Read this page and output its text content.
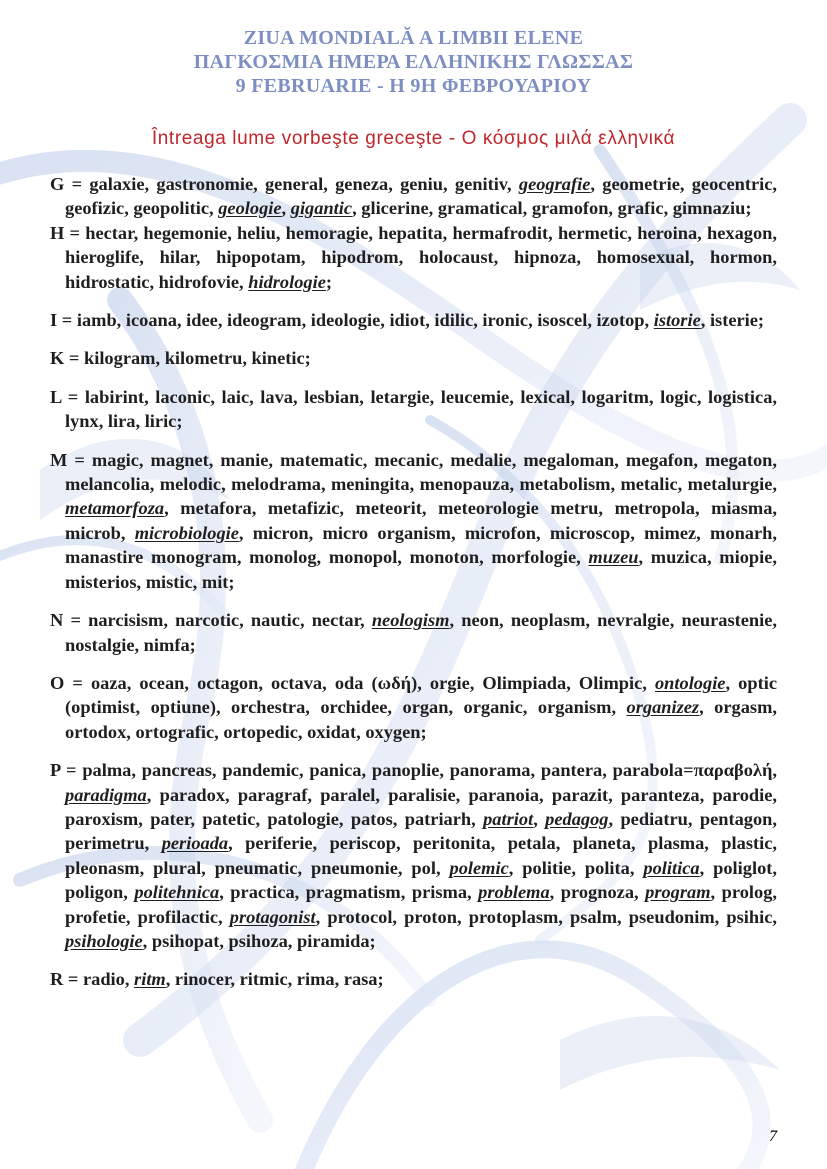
ZIUA MONDIALĂ A LIMBII ELENE
ΠΑΓΚΟΣΜΙΑ ΗΜΕΡΑ ΕΛΛΗΝΙΚΗΣ ΓΛΩΣΣΑΣ
9 FEBRUARIE - Η 9Η ΦΕΒΡΟΥΑΡΙΟΥ
Întreaga lume vorbeşte greceşte - Ο κόσμος μιλά ελληνικά

G = galaxie, gastronomie, general, geneza, geniu, genitiv, geografie, geometrie, geocentric, geofizic, geopolitic, geologie, gigantic, glicerine, gramatical, gramofon, grafic, gimnaziu;

H = hectar, hegemonie, heliu, hemoragie, hepatita, hermafrodit, hermetic, heroina, hexagon, hieroglife, hilar, hipopotam, hipodrom, holocaust, hipnoza, homosexual, hormon, hidrostatic, hidrofovie, hidrologie;

I = iamb, icoana, idee, ideogram, ideologie, idiot, idilic, ironic, isoscel, izotop, istorie, isterie;

K = kilogram, kilometru, kinetic;

L = labirint, laconic, laic, lava, lesbian, letargie, leucemie, lexical, logaritm, logic, logistica, lynx, lira, liric;

M = magic, magnet, manie, matematic, mecanic, medalie, megaloman, megafon, megaton, melancolia, melodic, melodrama, meningita, menopauza, metabolism, metalic, metalurgie, metamorfoza, metafora, metafizic, meteorit, meteorologie metru, metropola, miasma, microb, microbiologie, micron, micro organism, microfon, microscop, mimez, monarh, manastire monogram, monolog, monopol, monoton, morfologie, muzeu, muzica, miopie, misterios, mistic, mit;

N = narcisism, narcotic, nautic, nectar, neologism, neon, neoplasm, nevralgie, neurastenie, nostalgie, nimfa;

O = oaza, ocean, octagon, octava, oda (ωδή), orgie, Olimpiada, Olimpic, ontologie, optic (optimist, optiune), orchestra, orchidee, organ, organic, organism, organizez, orgasm, ortodox, ortografic, ortopedic, oxidat, oxygen;

P = palma, pancreas, pandemic, panica, panoplie, panorama, pantera, parabola=παραβολή, paradigma, paradox, paragraf, paralel, paralisie, paranoia, parazit, paranteza, parodie, paroxism, pater, patetic, patologie, patos, patriarh, patriot, pedagog, pediatru, pentagon, perimetru, perioada, periferie, periscop, peritonita, petala, planeta, plasma, plastic, pleonasm, plural, pneumatic, pneumonie, pol, polemic, politie, polita, politica, poliglot, poligon, politehnica, practica, pragmatism, prisma, problema, prognoza, program, prolog, profetie, profilactic, protagonist, protocol, proton, protoplasm, psalm, pseudonim, psihic, psihologie, psihopat, psihoza, piramida;

R = radio, ritm, rinocer, ritmic, rima, rasa;

7
